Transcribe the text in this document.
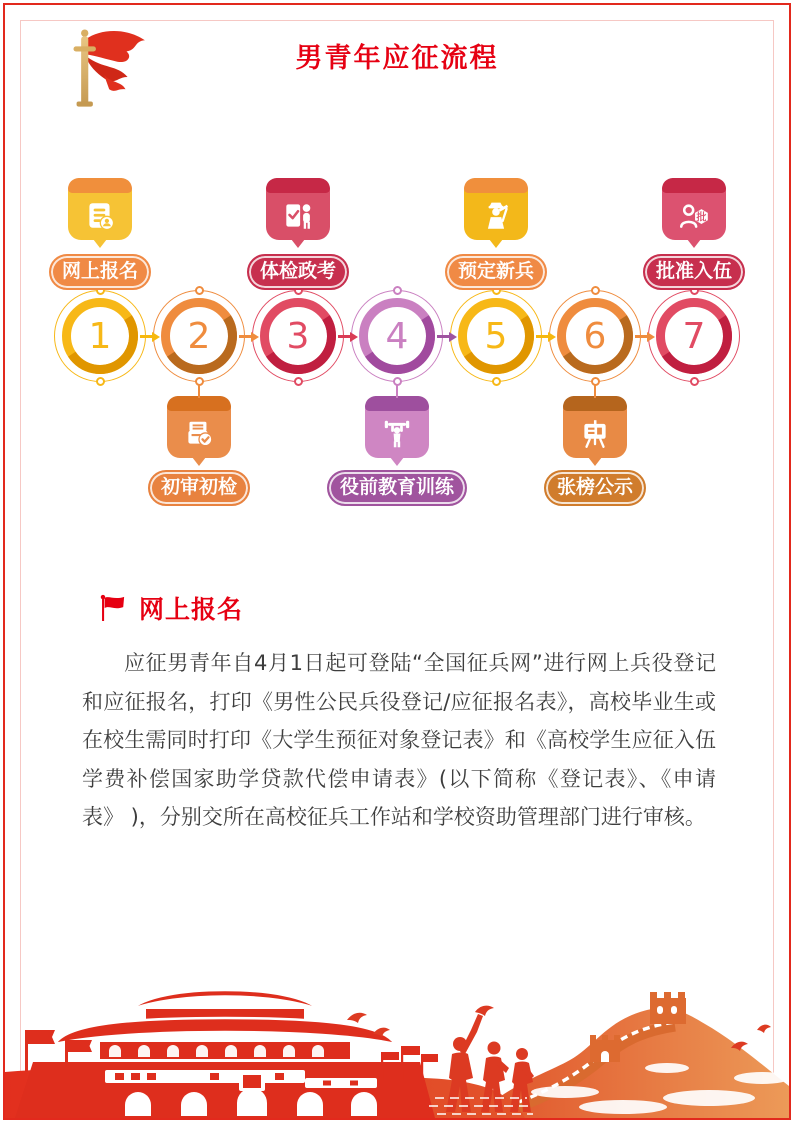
男青年应征流程
网上报名
1
初审初检
2
体检政考
3
役前教育训练
4
预定新兵
5
张榜公示
6
批
批准入伍
7
网上报名
应征男青年自4月1日起可登陆“全国征兵网”进行网上兵役登记和应征报名，打印《男性公民兵役登记/应征报名表》，高校毕业生或在校生需同时打印《大学生预征对象登记表》和《高校学生应征入伍学费补偿国家助学贷款代偿申请表》(以下简称《登记表》、《申请表》 )，分别交所在高校征兵工作站和学校资助管理部门进行审核。
